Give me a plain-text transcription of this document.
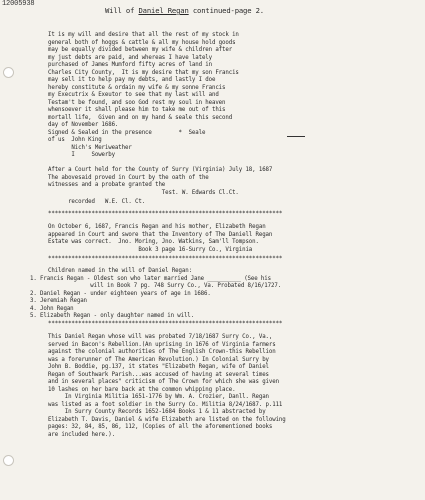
12005938
Will of Daniel Regan continued-page 2.
It is my will and desire that all the rest of my stock in
general both of hoggs & cattle & all my house hold goods
may be equally divided between my wife & children after
my just debts are paid, and whereas I have lately
purchased of James Mumford fifty acres of land in
Charles City County,  It is my desire that my son Francis
may sell it to help pay my debts, and lastly I doe
hereby constitute & ordain my wife & my sonne Francis
my Executrix & Exeutor to see that my last will and
Testam't be found, and soo God rest my soul in heaven
whensoever it shall please him to take me out of this
mortall life,  Given and on my hand & seale this second
day of November 1686.
Signed & Sealed in the presence        *  Seale
of us  John King
Nich's Meriweather
I     Sowerby
After a Court held for the County of Surry (Virginia) July 18, 1687
The abovesaid proved in Court by the oath of the
witnesses and a probate granted the
Test. W. Edwards Cl.Ct.
recorded   W.E. Cl. Ct.
**********************************************************************
On October 6, 1687, Francis Regan and his mother, Elizabeth Regan
appeared in Court and swore that the Inventory of The Daniell Regan
Estate was correct.  Jno. Moring, Jno. Watkins, Sam'll Tompson.
Book 3 page 16-Surry Co., Virginia
**********************************************************************
Children named in the will of Daniel Regan:
1. Francis Regan - Oldest son who later married Jane __________ (See his
will in Book 7 pg. 748 Surry Co., Va. Probated 8/16/1727.
2. Daniel Regan - under eighteen years of age in 1686.
3. Jeremiah Regan
4. John Regan
5. Elizabeth Regan - only daughter named in will.
**********************************************************************
This Daniel Regan whose will was probated 7/18/1687 Surry Co., Va.,
served in Bacon's Rebellion.(An uprising in 1676 of Virginia farmers
against the colonial authorities of The English Crown-this Rebellion
was a forerunner of The American Revolution.) In Colonial Surry by
John B. Boddie, pg.137, it states "Elizabeth Regan, wife of Daniel
Regan of Southwark Parish...was accused of having at several times
and in several places" criticism of The Crown for which she was given
10 lashes on her bare back at the common whipping place.
In Virginia Militia 1651-1776 by Wm. A. Crozier, Danll. Regan
was listed as a foot soldier in the Surry Co. Militia 8/24/1687. p.111
In Surry County Records 1652-1684 Books 1 & 11 abstracted by
Elizabeth T. Davis, Daniel & wife Elizabeth are listed on the following
pages: 32, 84, 85, 86, 112, (Copies of all the aforementioned books
are included here.).
